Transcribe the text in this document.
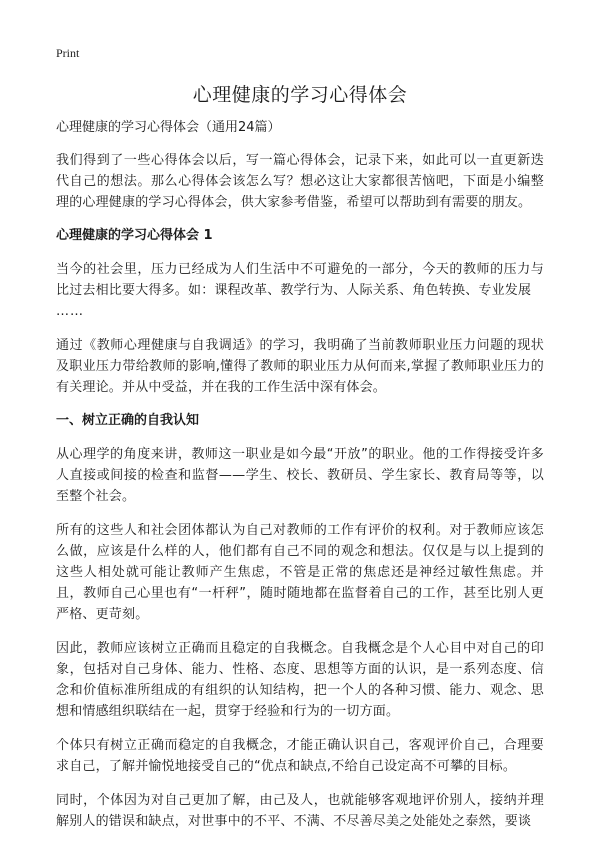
Print
心理健康的学习心得体会
心理健康的学习心得体会（通用24篇）

我们得到了一些心得体会以后，写一篇心得体会，记录下来，如此可以一直更新迭代自己的想法。那么心得体会该怎么写？想必这让大家都很苦恼吧，下面是小编整理的心理健康的学习心得体会，供大家参考借鉴，希望可以帮助到有需要的朋友。

心理健康的学习心得体会 1

当今的社会里，压力已经成为人们生活中不可避免的一部分，今天的教师的压力与比过去相比要大得多。如：课程改革、教学行为、人际关系、角色转换、专业发展
……

通过《教师心理健康与自我调适》的学习，我明确了当前教师职业压力问题的现状及职业压力带给教师的影响,懂得了教师的职业压力从何而来,掌握了教师职业压力的有关理论。并从中受益，并在我的工作生活中深有体会。

一、树立正确的自我认知

从心理学的角度来讲，教师这一职业是如今最“开放”的职业。他的工作得接受许多人直接或间接的检查和监督——学生、校长、教研员、学生家长、教育局等等，以至整个社会。

所有的这些人和社会团体都认为自己对教师的工作有评价的权利。对于教师应该怎么做，应该是什么样的人，他们都有自己不同的观念和想法。仅仅是与以上提到的这些人相处就可能让教师产生焦虑，不管是正常的焦虑还是神经过敏性焦虑。并且，教师自己心里也有“一杆秤”，随时随地都在监督着自己的工作，甚至比别人更严格、更苛刻。

因此，教师应该树立正确而且稳定的自我概念。自我概念是个人心目中对自己的印象，包括对自己身体、能力、性格、态度、思想等方面的认识，是一系列态度、信念和价值标准所组成的有组织的认知结构，把一个人的各种习惯、能力、观念、思想和情感组织联结在一起，贯穿于经验和行为的一切方面。

个体只有树立正确而稳定的自我概念，才能正确认识自己，客观评价自己，合理要求自己，了解并愉悦地接受自己的“优点和缺点,不给自己设定高不可攀的目标。

同时，个体因为对自己更加了解，由己及人，也就能够客观地评价别人，接纳并理解别人的错误和缺点，对世事中的不平、不满、不尽善尽美之处能处之泰然，要谈
